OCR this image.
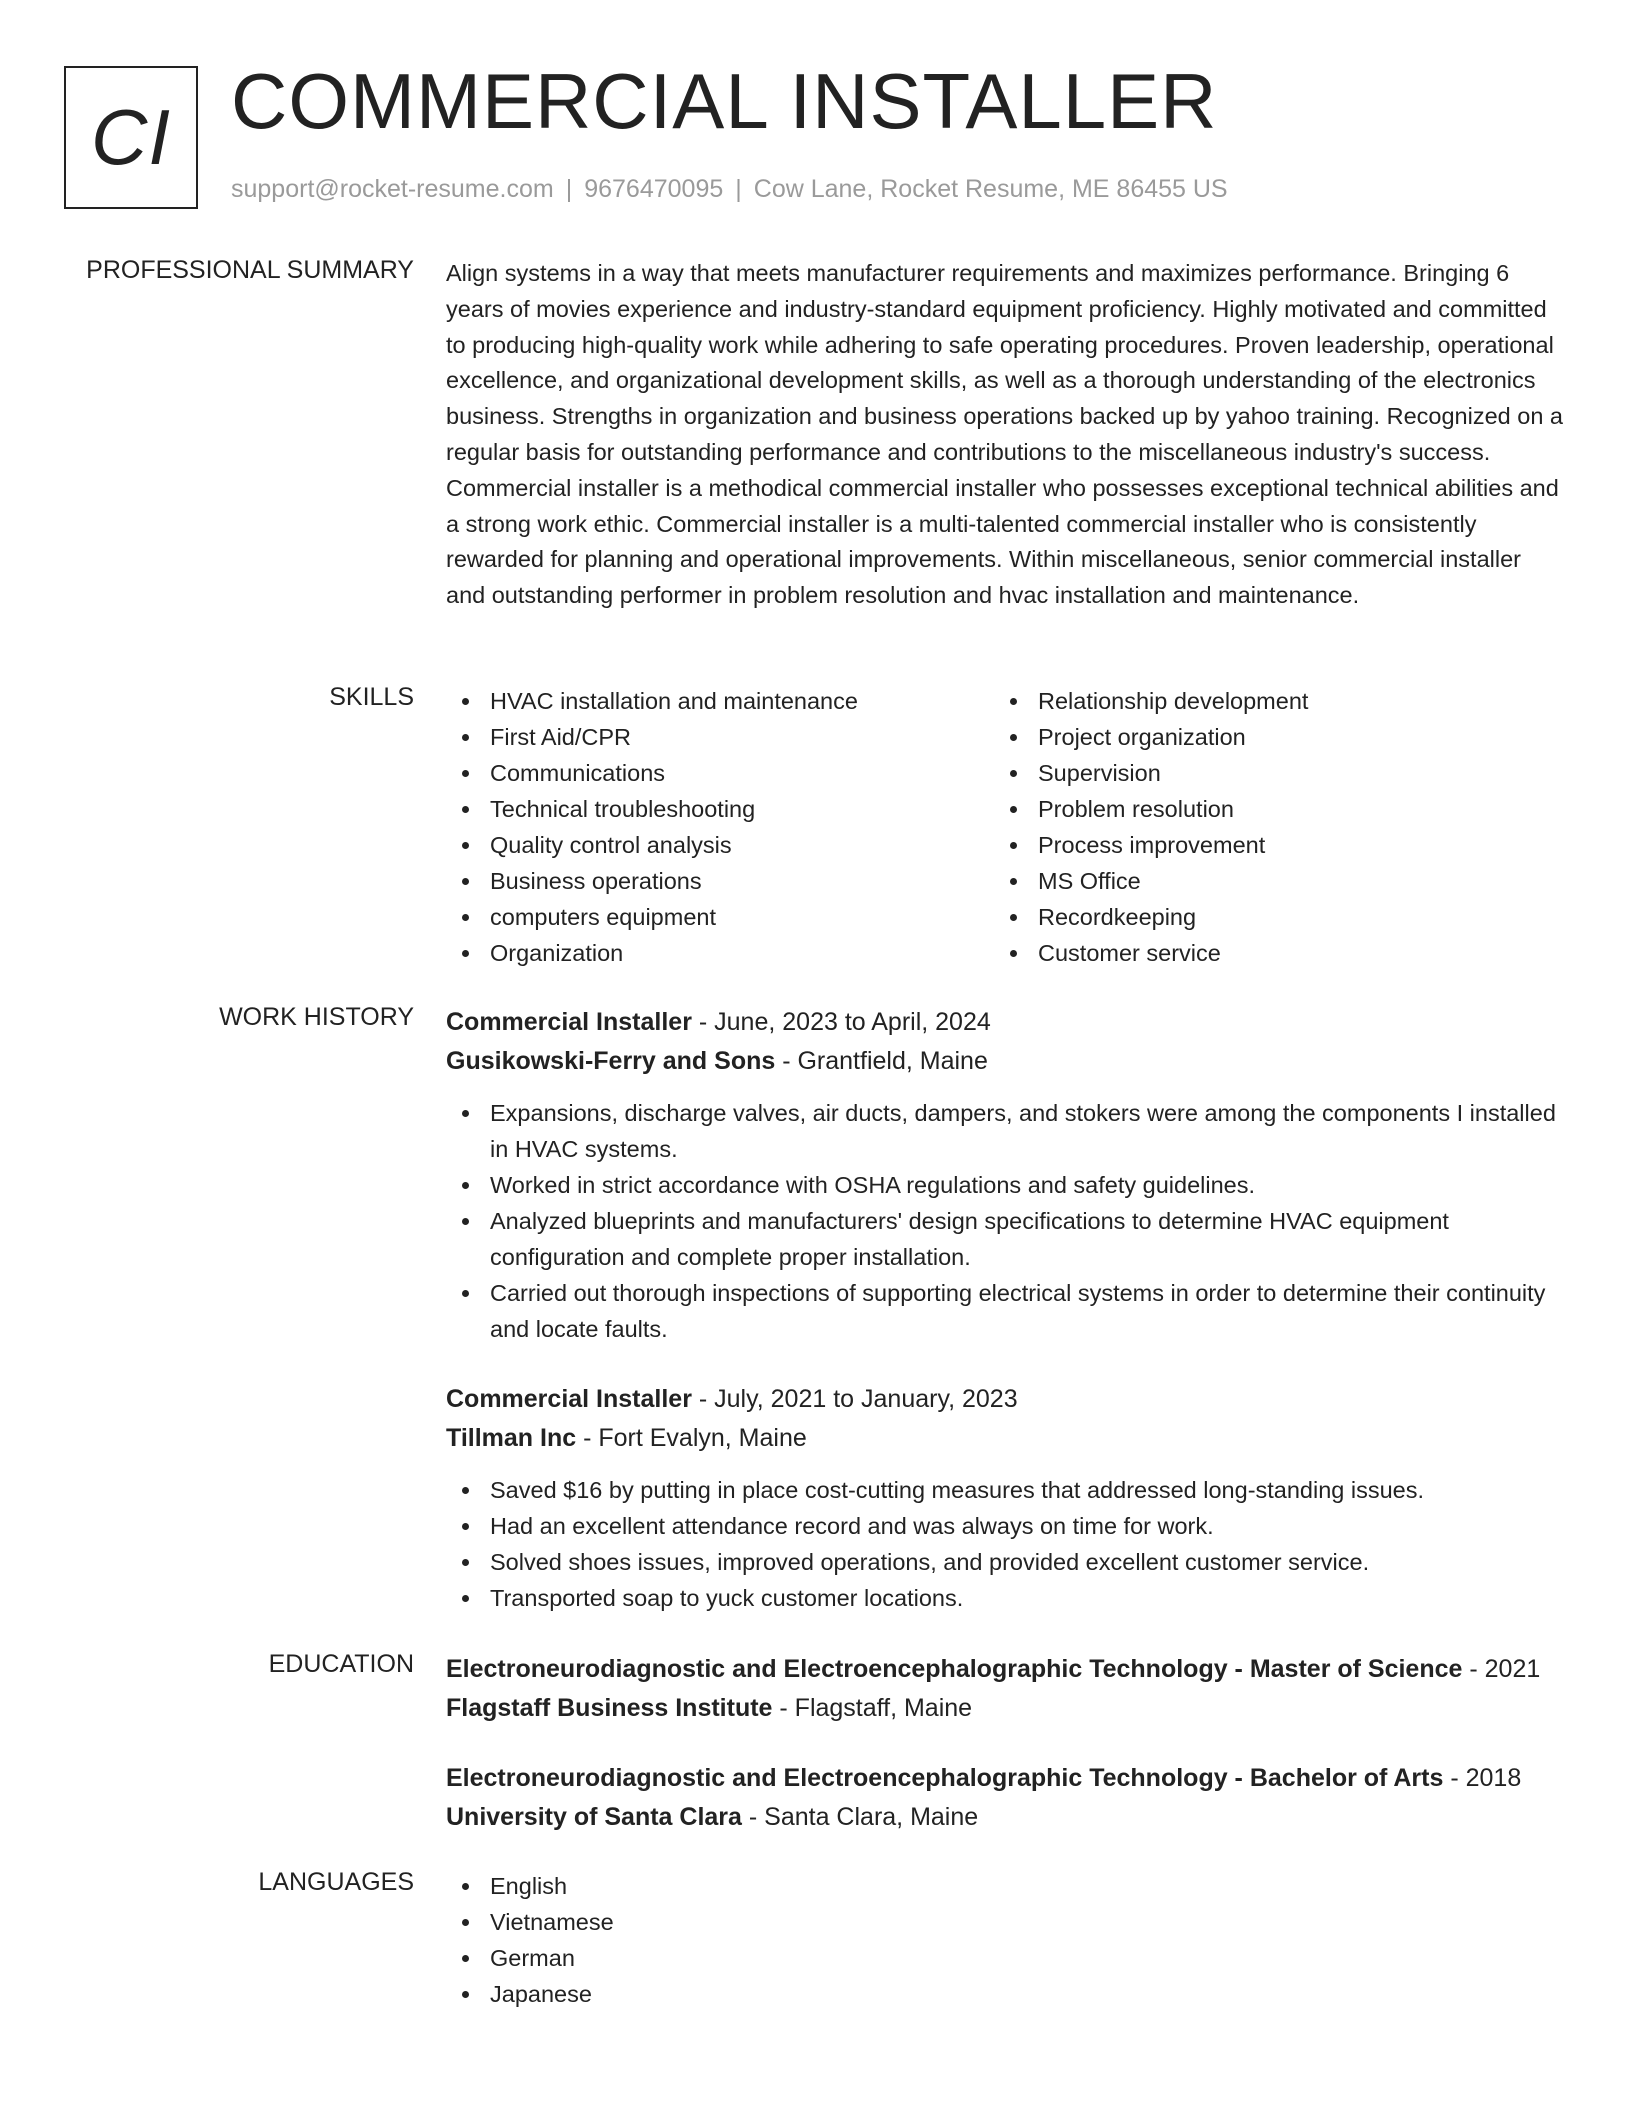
CI COMMERCIAL INSTALLER
support@rocket-resume.com | 9676470095 | Cow Lane, Rocket Resume, ME 86455 US
PROFESSIONAL SUMMARY Align systems in a way that meets manufacturer requirements and maximizes performance. Bringing 6 years of movies experience and industry-standard equipment proficiency. Highly motivated and committed to producing high-quality work while adhering to safe operating procedures. Proven leadership, operational excellence, and organizational development skills, as well as a thorough understanding of the electronics business. Strengths in organization and business operations backed up by yahoo training. Recognized on a regular basis for outstanding performance and contributions to the miscellaneous industry's success. Commercial installer is a methodical commercial installer who possesses exceptional technical abilities and a strong work ethic. Commercial installer is a multi-talented commercial installer who is consistently rewarded for planning and operational improvements. Within miscellaneous, senior commercial installer and outstanding performer in problem resolution and hvac installation and maintenance.
SKILLS	HVAC installation and maintenance
First Aid/CPR
Communications
Technical troubleshooting
Quality control analysis
Business operations
computers equipment
Organization
Relationship development
Project organization
Supervision
Problem resolution
Process improvement
MS Office
Recordkeeping
Customer service
WORK HISTORY Commercial Installer - June, 2023 to April, 2024
Gusikowski-Ferry and Sons - Grantfield, Maine
Expansions, discharge valves, air ducts, dampers, and stokers were among the components I installed in HVAC systems.
Worked in strict accordance with OSHA regulations and safety guidelines.
Analyzed blueprints and manufacturers' design specifications to determine HVAC equipment configuration and complete proper installation.
Carried out thorough inspections of supporting electrical systems in order to determine their continuity and locate faults.
Commercial Installer - July, 2021 to January, 2023
Tillman Inc - Fort Evalyn, Maine
Saved $16 by putting in place cost-cutting measures that addressed long-standing issues.
Had an excellent attendance record and was always on time for work.
Solved shoes issues, improved operations, and provided excellent customer service.
Transported soap to yuck customer locations.
EDUCATION Electroneurodiagnostic and Electroencephalographic Technology - Master of Science - 2021
Flagstaff Business Institute - Flagstaff, Maine
Electroneurodiagnostic and Electroencephalographic Technology - Bachelor of Arts - 2018
University of Santa Clara - Santa Clara, Maine
LANGUAGES	English
Vietnamese
German
Japanese
